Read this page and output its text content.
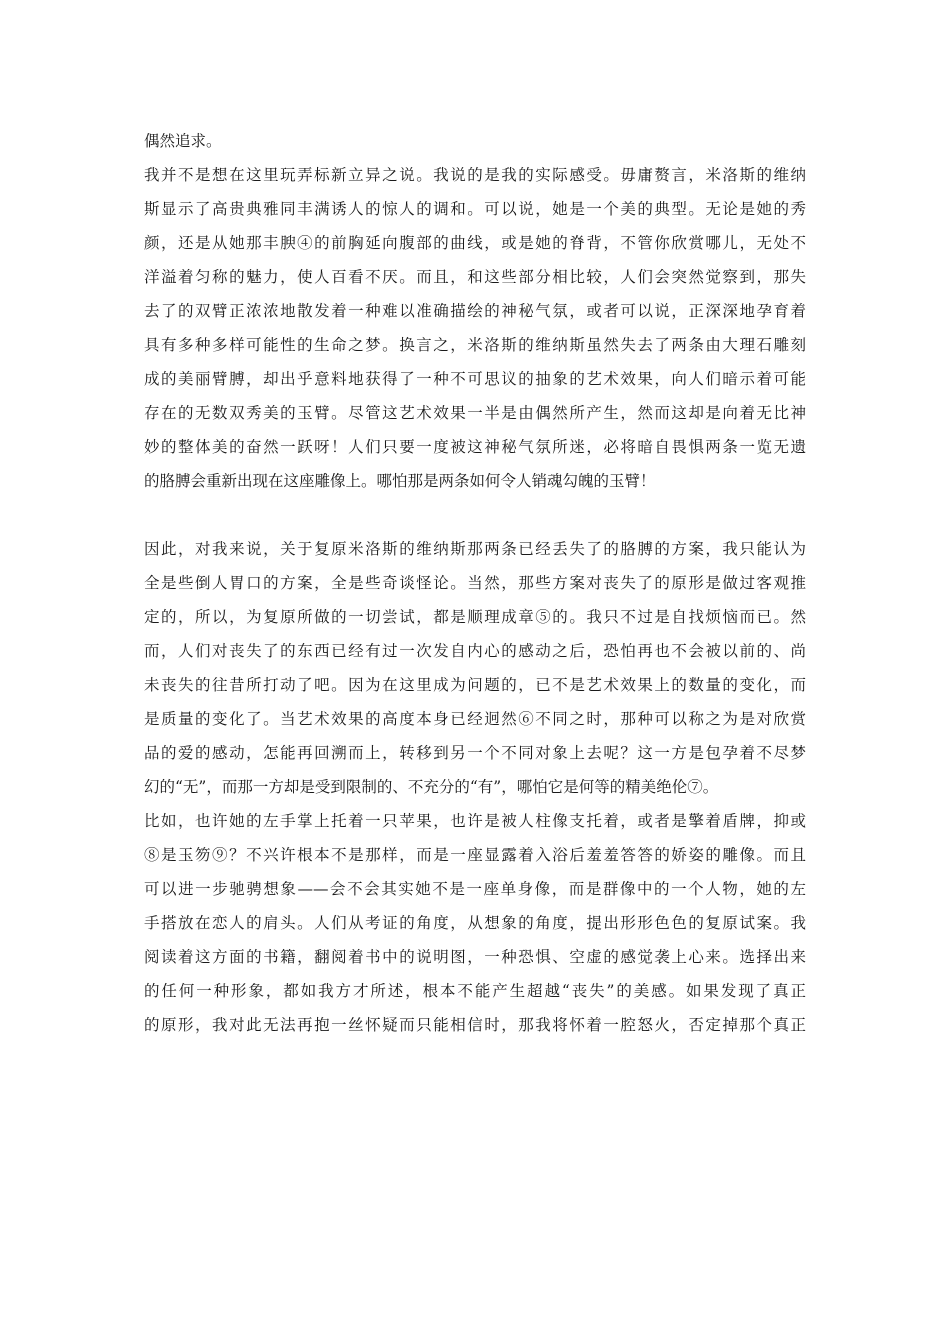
偶然追求。
我并不是想在这里玩弄标新立异之说。我说的是我的实际感受。毋庸赘言，米洛斯的维纳
斯显示了高贵典雅同丰满诱人的惊人的调和。可以说，她是一个美的典型。无论是她的秀
颜，还是从她那丰腴④的前胸延向腹部的曲线，或是她的脊背，不管你欣赏哪儿，无处不
洋溢着匀称的魅力，使人百看不厌。而且，和这些部分相比较，人们会突然觉察到，那失
去了的双臂正浓浓地散发着一种难以准确描绘的神秘气氛，或者可以说，正深深地孕育着
具有多种多样可能性的生命之梦。换言之，米洛斯的维纳斯虽然失去了两条由大理石雕刻
成的美丽臂膊，却出乎意料地获得了一种不可思议的抽象的艺术效果，向人们暗示着可能
存在的无数双秀美的玉臂。尽管这艺术效果一半是由偶然所产生，然而这却是向着无比神
妙的整体美的奋然一跃呀！人们只要一度被这神秘气氛所迷，必将暗自畏惧两条一览无遗
的胳膊会重新出现在这座雕像上。哪怕那是两条如何令人销魂勾魄的玉臂！
因此，对我来说，关于复原米洛斯的维纳斯那两条已经丢失了的胳膊的方案，我只能认为
全是些倒人胃口的方案，全是些奇谈怪论。当然，那些方案对丧失了的原形是做过客观推
定的，所以，为复原所做的一切尝试，都是顺理成章⑤的。我只不过是自找烦恼而已。然
而，人们对丧失了的东西已经有过一次发自内心的感动之后，恐怕再也不会被以前的、尚
未丧失的往昔所打动了吧。因为在这里成为问题的，已不是艺术效果上的数量的变化，而
是质量的变化了。当艺术效果的高度本身已经迥然⑥不同之时，那种可以称之为是对欣赏
品的爱的感动，怎能再回溯而上，转移到另一个不同对象上去呢？这一方是包孕着不尽梦
幻的“无”，而那一方却是受到限制的、不充分的“有”，哪怕它是何等的精美绝伦⑦。
比如，也许她的左手掌上托着一只苹果，也许是被人柱像支托着，或者是擎着盾牌，抑或
⑧是玉笏⑨？不兴许根本不是那样，而是一座显露着入浴后羞羞答答的娇姿的雕像。而且
可以进一步驰骋想象——会不会其实她不是一座单身像，而是群像中的一个人物，她的左
手搭放在恋人的肩头。人们从考证的角度，从想象的角度，提出形形色色的复原试案。我
阅读着这方面的书籍，翻阅着书中的说明图，一种恐惧、空虚的感觉袭上心来。选择出来
的任何一种形象，都如我方才所述，根本不能产生超越“丧失”的美感。如果发现了真正
的原形，我对此无法再抱一丝怀疑而只能相信时，那我将怀着一腔怒火，否定掉那个真正
